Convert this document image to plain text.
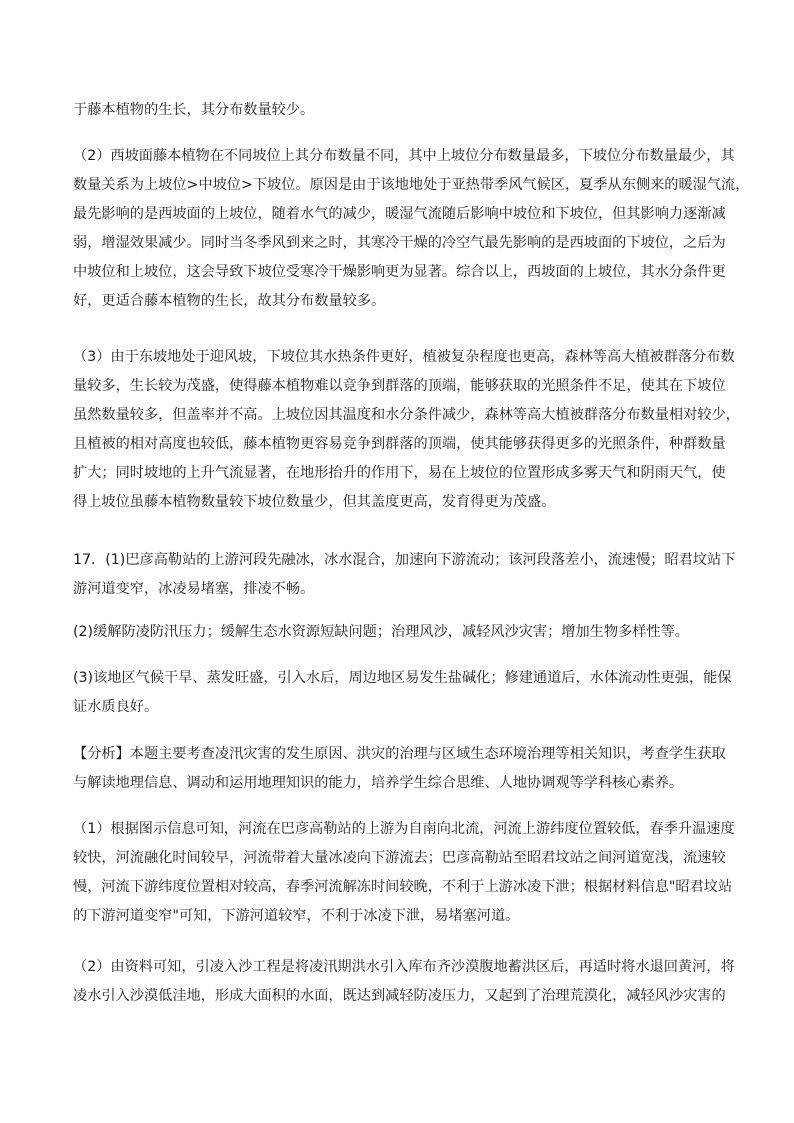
于藤本植物的生长，其分布数量较少。
（2）西坡面藤本植物在不同坡位上其分布数量不同，其中上坡位分布数量最多，下坡位分布数量最少，其
数量关系为上坡位>中坡位>下坡位。原因是由于该地地处于亚热带季风气候区，夏季从东侧来的暖湿气流，
最先影响的是西坡面的上坡位，随着水气的减少，暖湿气流随后影响中坡位和下坡位，但其影响力逐渐减
弱，增湿效果减少。同时当冬季风到来之时，其寒冷干燥的冷空气最先影响的是西坡面的下坡位，之后为
中坡位和上坡位，这会导致下坡位受寒冷干燥影响更为显著。综合以上，西坡面的上坡位，其水分条件更
好，更适合藤本植物的生长，故其分布数量较多。
（3）由于东坡地处于迎风坡，下坡位其水热条件更好，植被复杂程度也更高，森林等高大植被群落分布数
量较多，生长较为茂盛，使得藤本植物难以竞争到群落的顶端，能够获取的光照条件不足，使其在下坡位
虽然数量较多，但盖率并不高。上坡位因其温度和水分条件减少，森林等高大植被群落分布数量相对较少，
且植被的相对高度也较低，藤本植物更容易竞争到群落的顶端，使其能够获得更多的光照条件，种群数量
扩大；同时坡地的上升气流显著，在地形抬升的作用下，易在上坡位的位置形成多雾天气和阴雨天气，使
得上坡位虽藤本植物数量较下坡位数量少，但其盖度更高，发育得更为茂盛。
17．(1)巴彦高勒站的上游河段先融冰，冰水混合，加速向下游流动；该河段落差小，流速慢；昭君坟站下
游河道变窄，冰凌易堵塞，排凌不畅。
(2)缓解防凌防汛压力；缓解生态水资源短缺问题；治理风沙，减轻风沙灾害；增加生物多样性等。
(3)该地区气候干旱、蒸发旺盛，引入水后，周边地区易发生盐碱化；修建通道后，水体流动性更强，能保
证水质良好。
【分析】本题主要考查凌汛灾害的发生原因、洪灾的治理与区域生态环境治理等相关知识，考查学生获取
与解读地理信息、调动和运用地理知识的能力，培养学生综合思维、人地协调观等学科核心素养。
（1）根据图示信息可知，河流在巴彦高勒站的上游为自南向北流，河流上游纬度位置较低，春季升温速度
较快，河流融化时间较早，河流带着大量冰凌向下游流去；巴彦高勒站至昭君坟站之间河道宽浅，流速较
慢，河流下游纬度位置相对较高，春季河流解冻时间较晚，不利于上游冰凌下泄；根据材料信息"昭君坟站
的下游河道变窄"可知，下游河道较窄，不利于冰凌下泄，易堵塞河道。
（2）由资料可知，引凌入沙工程是将凌汛期洪水引入库布齐沙漠腹地蓄洪区后，再适时将水退回黄河，将
凌水引入沙漠低洼地，形成大面积的水面，既达到减轻防凌压力，又起到了治理荒漠化，减轻风沙灾害的
